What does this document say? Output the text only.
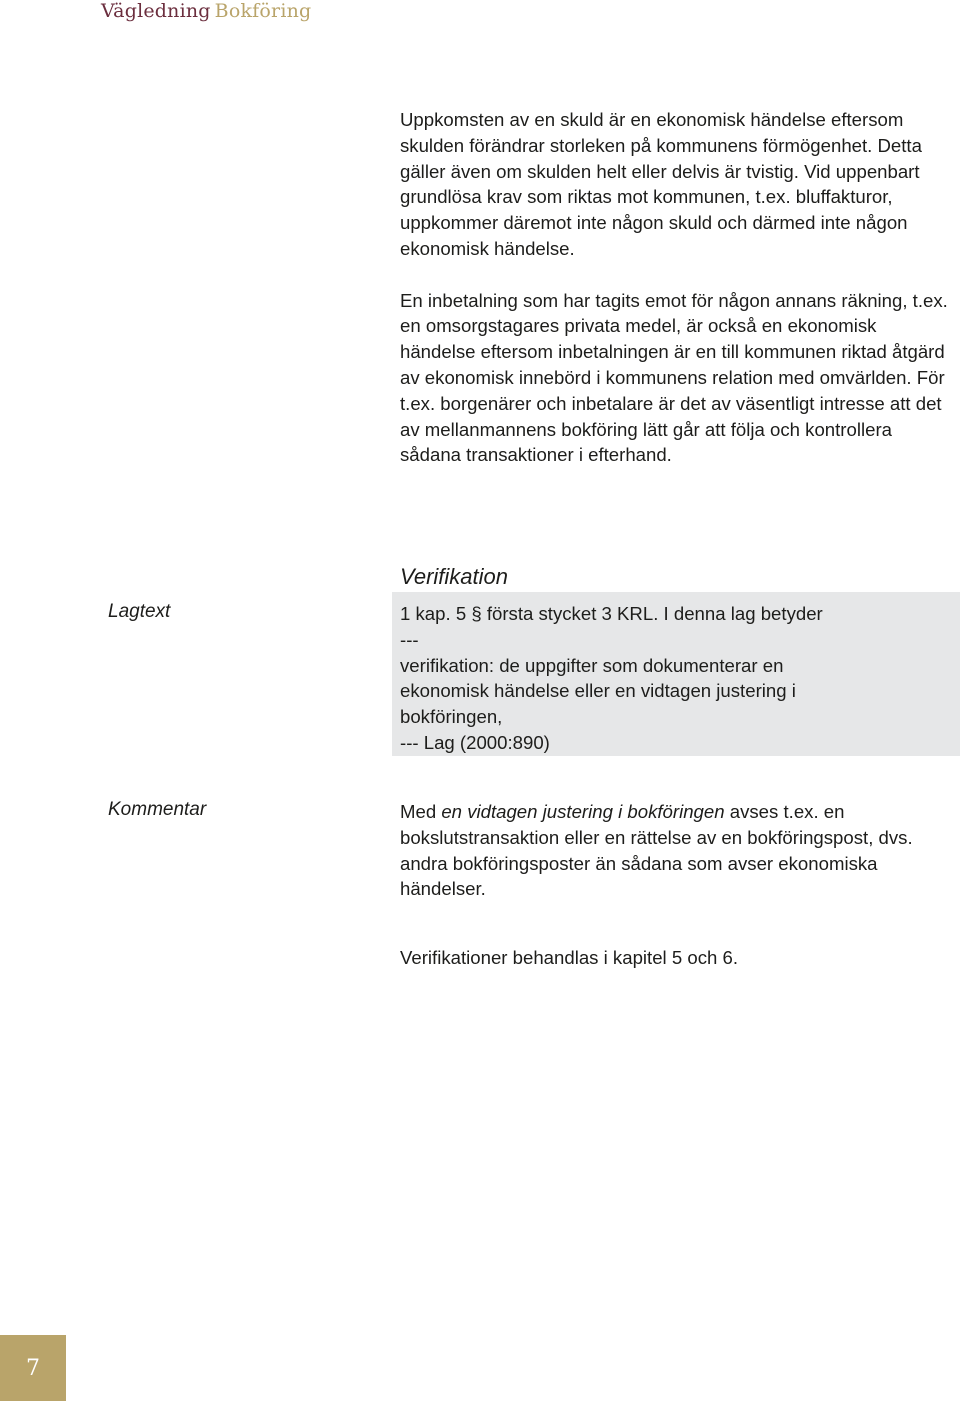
Vägledning Bokföring

Uppkomsten av en skuld är en ekonomisk händelse eftersom skulden förändrar storleken på kommunens förmögenhet. Detta gäller även om skulden helt eller delvis är tvistig. Vid uppenbart grundlösa krav som riktas mot kommunen, t.ex. bluffakturor, uppkommer däremot inte någon skuld och därmed inte någon ekonomisk händelse.

En inbetalning som har tagits emot för någon annans räkning, t.ex. en omsorgstagares privata medel, är också en ekonomisk händelse eftersom inbetalningen är en till kommunen riktad åtgärd av ekonomisk innebörd i kommunens relation med omvärlden. För t.ex. borgenärer och inbetalare är det av väsentligt intresse att det av mellanmannens bokföring lätt går att följa och kontrollera sådana transaktioner i efterhand.

Verifikation
Lagtext	1 kap. 5 § första stycket 3 KRL. I denna lag betyder
---
verifikation: de uppgifter som dokumenterar en
ekonomisk händelse eller en vidtagen justering i
bokföringen,
--- Lag (2000:890)
Kommentar	Med en vidtagen justering i bokföringen avses t.ex. en bokslutstransaktion eller en rättelse av en bokföringspost, dvs. andra bokföringsposter än sådana som avser ekonomiska händelser.

Verifikationer behandlas i kapitel 5 och 6.
7
